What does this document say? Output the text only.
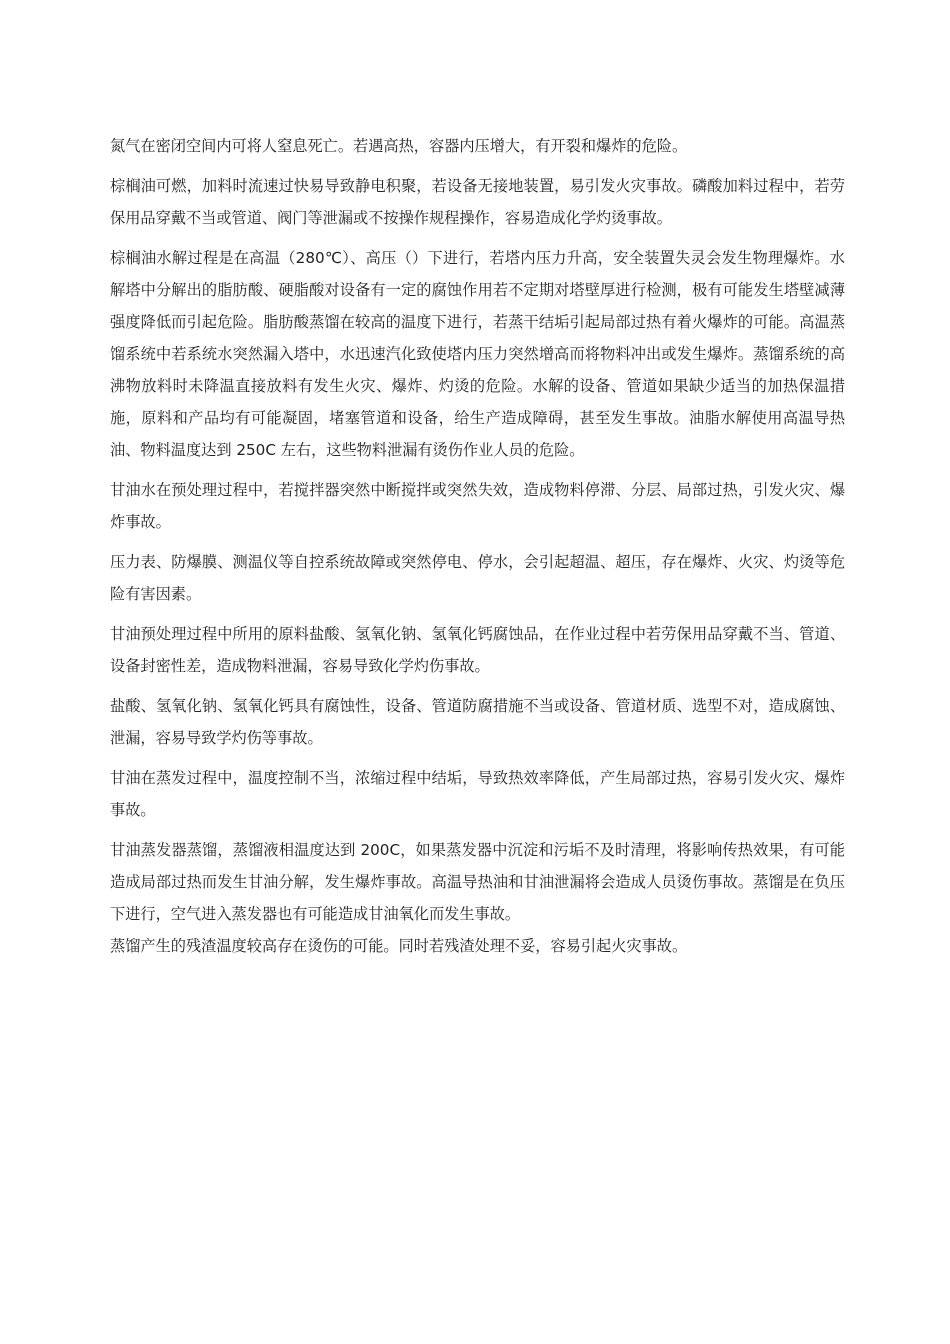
氮气在密闭空间内可将人窒息死亡。若遇高热，容器内压增大，有开裂和爆炸的危险。

棕榈油可燃，加料时流速过快易导致静电积聚，若设备无接地装置，易引发火灾事故。磷酸加料过程中，若劳保用品穿戴不当或管道、阀门等泄漏或不按操作规程操作，容易造成化学灼烫事故。

棕榈油水解过程是在高温（280℃）、高压（）下进行，若塔内压力升高，安全装置失灵会发生物理爆炸。水解塔中分解出的脂肪酸、硬脂酸对设备有一定的腐蚀作用若不定期对塔壁厚进行检测，极有可能发生塔壁减薄强度降低而引起危险。脂肪酸蒸馏在较高的温度下进行，若蒸干结垢引起局部过热有着火爆炸的可能。高温蒸馏系统中若系统水突然漏入塔中，水迅速汽化致使塔内压力突然增高而将物料冲出或发生爆炸。蒸馏系统的高沸物放料时未降温直接放料有发生火灾、爆炸、灼烫的危险。水解的设备、管道如果缺少适当的加热保温措施，原料和产品均有可能凝固，堵塞管道和设备，给生产造成障碍，甚至发生事故。油脂水解使用高温导热油、物料温度达到 250C 左右，这些物料泄漏有烫伤作业人员的危险。

甘油水在预处理过程中，若搅拌器突然中断搅拌或突然失效，造成物料停滞、分层、局部过热，引发火灾、爆炸事故。

压力表、防爆膜、测温仪等自控系统故障或突然停电、停水，会引起超温、超压，存在爆炸、火灾、灼烫等危险有害因素。

甘油预处理过程中所用的原料盐酸、氢氧化钠、氢氧化钙腐蚀品，在作业过程中若劳保用品穿戴不当、管道、设备封密性差，造成物料泄漏，容易导致化学灼伤事故。

盐酸、氢氧化钠、氢氧化钙具有腐蚀性，设备、管道防腐措施不当或设备、管道材质、选型不对，造成腐蚀、泄漏，容易导致学灼伤等事故。

甘油在蒸发过程中，温度控制不当，浓缩过程中结垢，导致热效率降低，产生局部过热，容易引发火灾、爆炸事故。

甘油蒸发器蒸馏，蒸馏液相温度达到 200C，如果蒸发器中沉淀和污垢不及时清理，将影响传热效果，有可能造成局部过热而发生甘油分解，发生爆炸事故。高温导热油和甘油泄漏将会造成人员烫伤事故。蒸馏是在负压下进行，空气进入蒸发器也有可能造成甘油氧化而发生事故。

蒸馏产生的残渣温度较高存在烫伤的可能。同时若残渣处理不妥，容易引起火灾事故。
